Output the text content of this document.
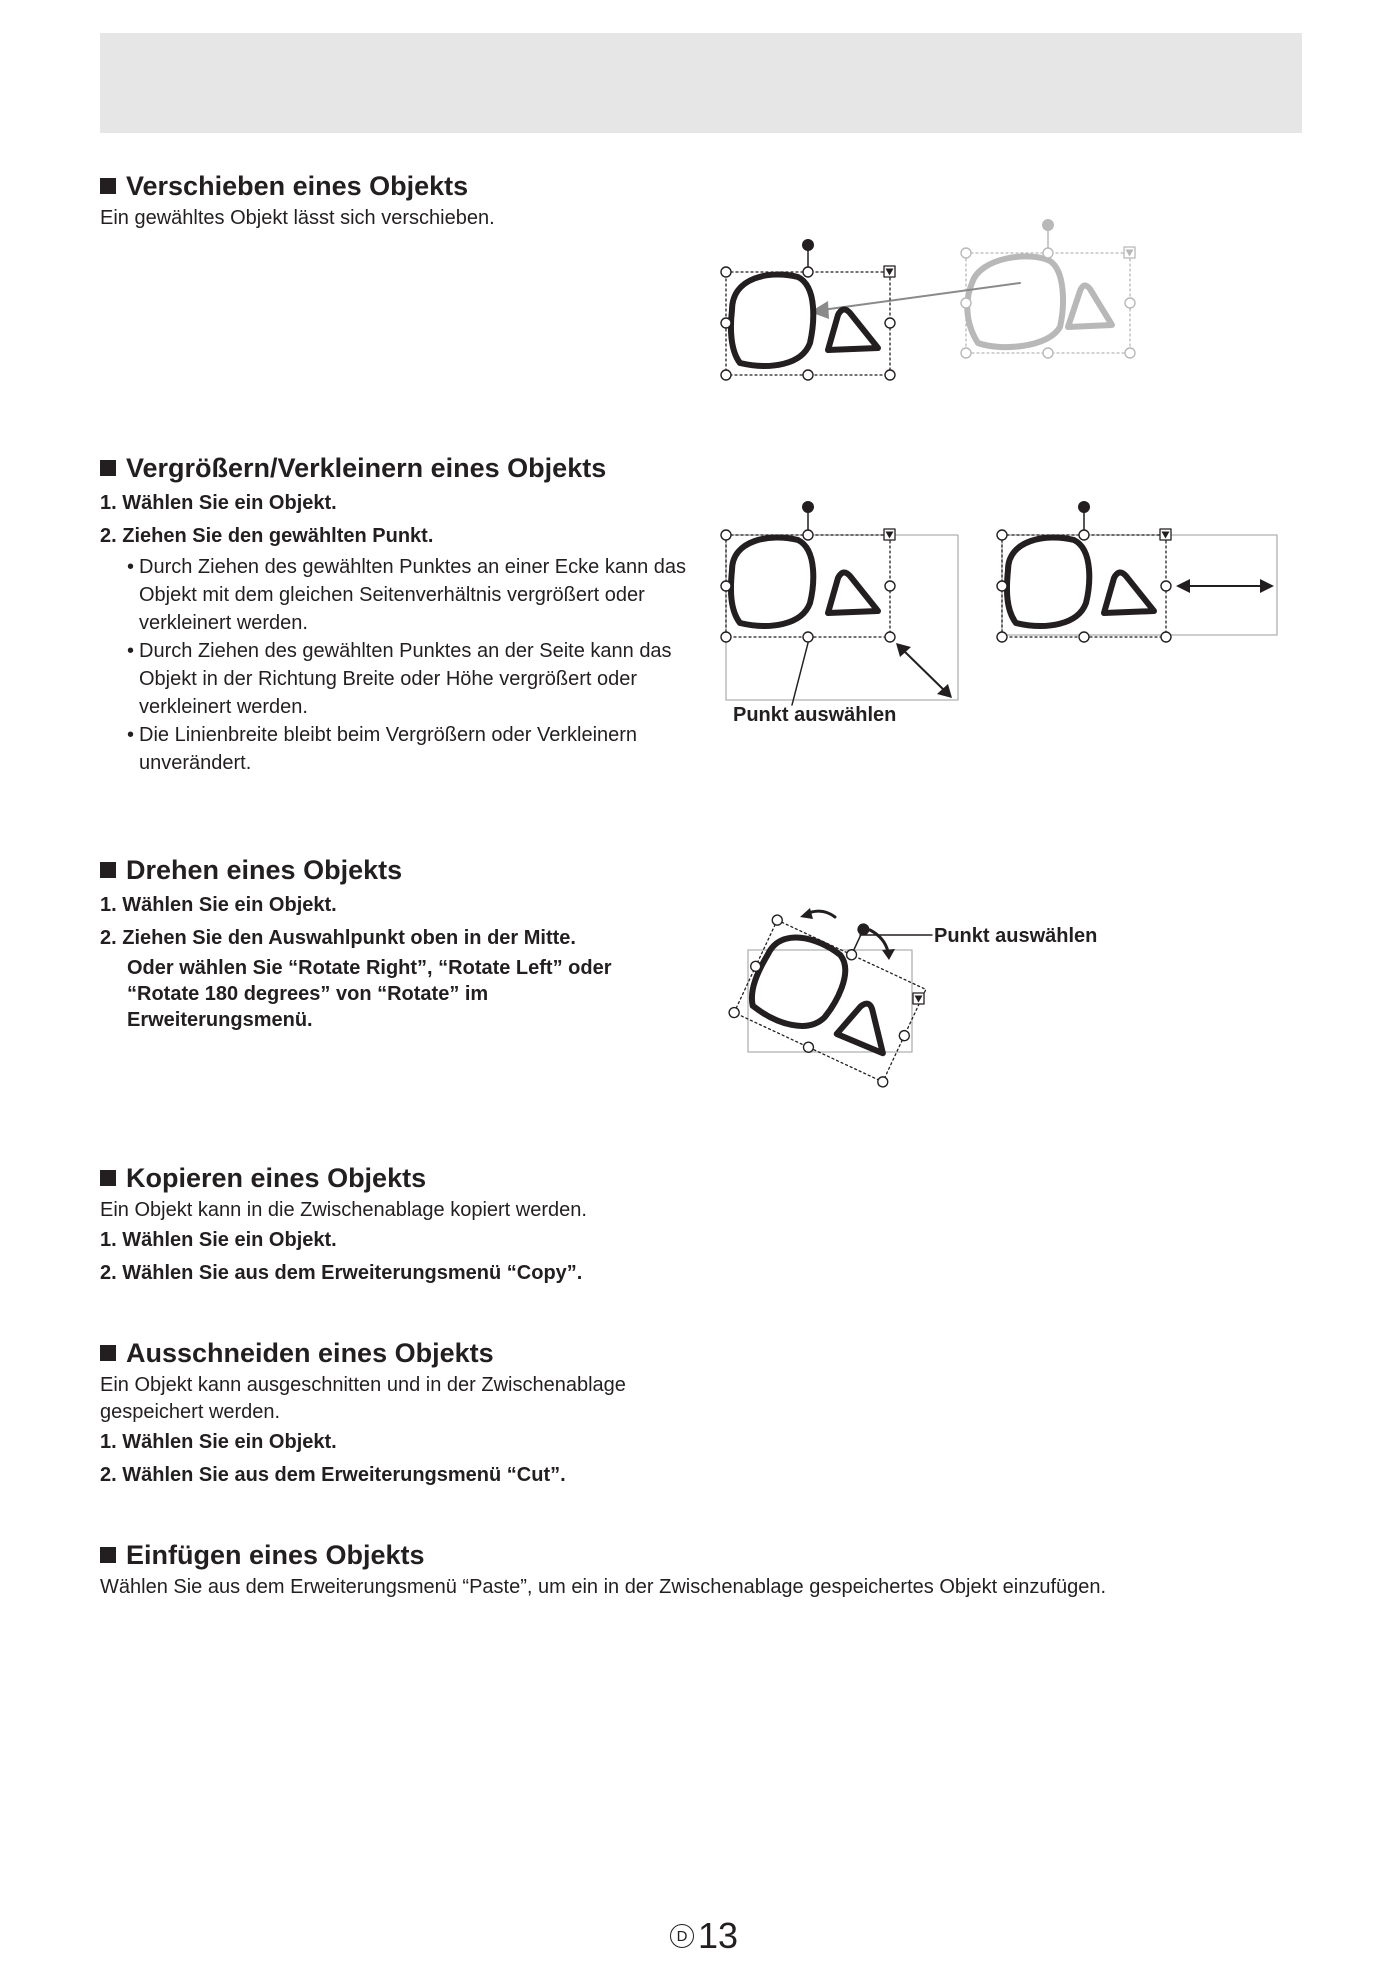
Verschieben eines Objekts

Ein gewähltes Objekt lässt sich verschieben.

Vergrößern/Verkleinern eines Objekts

1. Wählen Sie ein Objekt.

2. Ziehen Sie den gewählten Punkt.

• Durch Ziehen des gewählten Punktes an einer Ecke kann das Objekt mit dem gleichen Seitenverhältnis vergrößert oder verkleinert werden.
• Durch Ziehen des gewählten Punktes an der Seite kann das Objekt in der Richtung Breite oder Höhe vergrößert oder verkleinert werden.
• Die Linienbreite bleibt beim Vergrößern oder Verkleinern unverändert.
Punkt auswählen
Drehen eines Objekts

1. Wählen Sie ein Objekt.

2. Ziehen Sie den Auswahlpunkt oben in der Mitte.

Oder wählen Sie “Rotate Right”, “Rotate Left” oder “Rotate 180 degrees” von “Rotate” im Erweiterungsmenü.

Punkt auswählen
Kopieren eines Objekts

Ein Objekt kann in die Zwischenablage kopiert werden.

1. Wählen Sie ein Objekt.

2. Wählen Sie aus dem Erweiterungsmenü “Copy”.

Ausschneiden eines Objekts

Ein Objekt kann ausgeschnitten und in der Zwischenablage gespeichert werden.

1. Wählen Sie ein Objekt.

2. Wählen Sie aus dem Erweiterungsmenü “Cut”.

Einfügen eines Objekts

Wählen Sie aus dem Erweiterungsmenü “Paste”, um ein in der Zwischenablage gespeichertes Objekt einzufügen.

D 13
